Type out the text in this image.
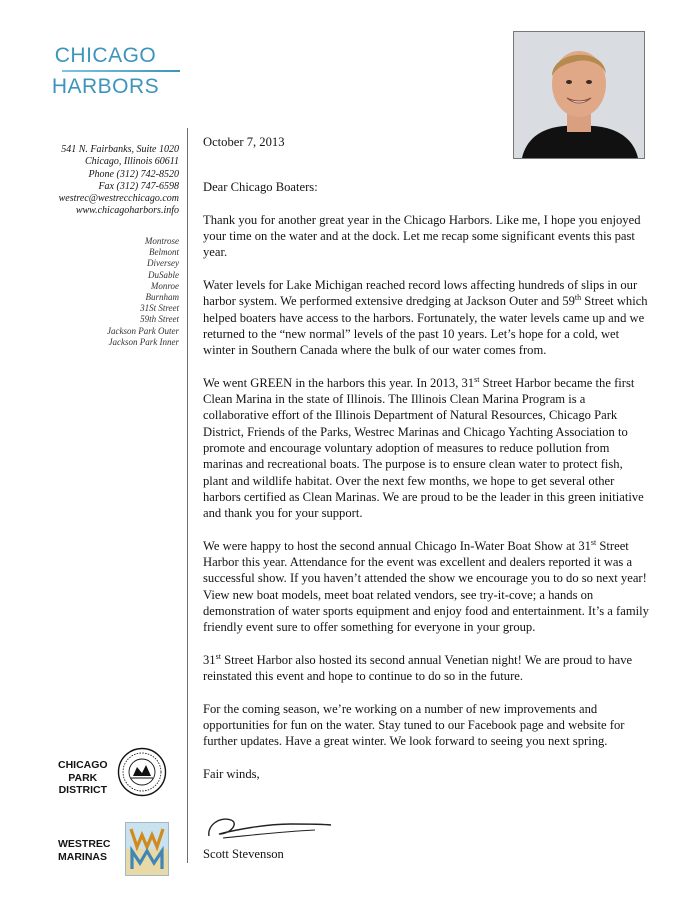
CHICAGO
HARBORS
541 N. Fairbanks, Suite 1020
Chicago, Illinois 60611
Phone (312) 742-8520
Fax (312) 747-6598
westrec@westrecchicago.com
www.chicagoharbors.info
Montrose
Belmont
Diversey
DuSable
Monroe
Burnham
31St Street
59th Street
Jackson Park Outer
Jackson Park Inner

October 7, 2013

Dear Chicago Boaters:

Thank you for another great year in the Chicago Harbors. Like me, I hope you enjoyed your time on the water and at the dock. Let me recap some significant events this past year.

Water levels for Lake Michigan reached record lows affecting hundreds of slips in our harbor system. We performed extensive dredging at Jackson Outer and 59th Street which helped boaters have access to the harbors. Fortunately, the water levels came up and we returned to the “new normal” levels of the past 10 years. Let’s hope for a cold, wet winter in Southern Canada where the bulk of our water comes from.

We went GREEN in the harbors this year. In 2013, 31st Street Harbor became the first Clean Marina in the state of Illinois. The Illinois Clean Marina Program is a collaborative effort of the Illinois Department of Natural Resources, Chicago Park District, Friends of the Parks, Westrec Marinas and Chicago Yachting Association to promote and encourage voluntary adoption of measures to reduce pollution from marinas and recreational boats. The purpose is to ensure clean water to protect fish, plant and wildlife habitat. Over the next few months, we hope to get several other harbors certified as Clean Marinas. We are proud to be the leader in this green initiative and thank you for your support.

We were happy to host the second annual Chicago In-Water Boat Show at 31st Street Harbor this year. Attendance for the event was excellent and dealers reported it was a successful show. If you haven’t attended the show we encourage you to do so next year! View new boat models, meet boat related vendors, see try-it-cove; a hands on demonstration of water sports equipment and enjoy food and entertainment. It’s a family friendly event sure to offer something for everyone in your group.

31st Street Harbor also hosted its second annual Venetian night! We are proud to have reinstated this event and hope to continue to do so in the future.

For the coming season, we’re working on a number of new improvements and opportunities for fun on the water. Stay tuned to our Facebook page and website for further updates. Have a great winter. We look forward to seeing you next spring.

Fair winds,

Scott Stevenson
CHICAGO
PARK
DISTRICT
WESTREC
MARINAS
